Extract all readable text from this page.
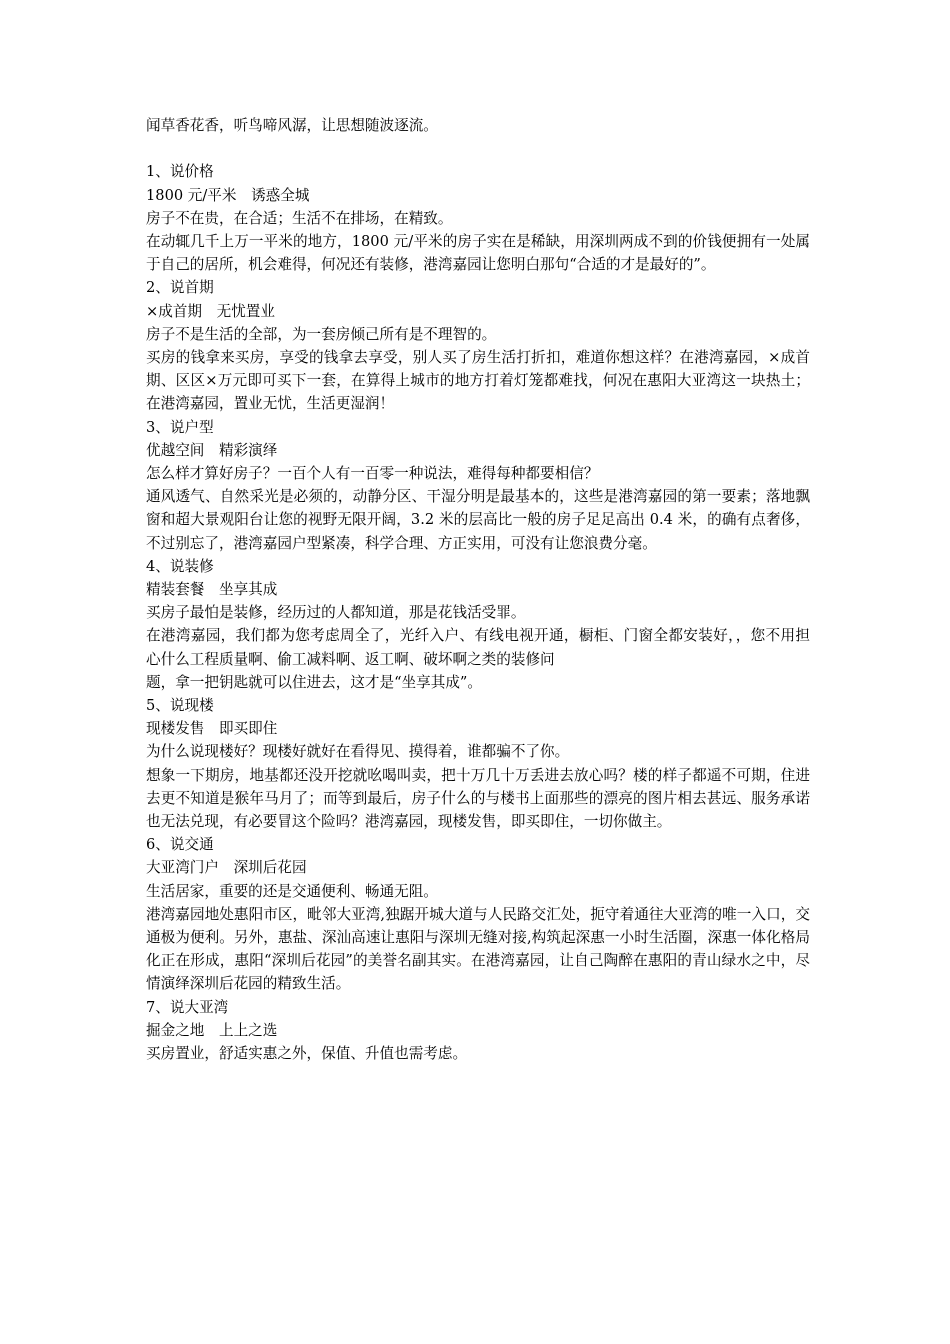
闻草香花香，听鸟啼风潺，让思想随波逐流。
1、说价格
1800 元/平米　诱惑全城
房子不在贵，在合适；生活不在排场，在精致。
在动辄几千上万一平米的地方，1800 元/平米的房子实在是稀缺，用深圳两成不到的价钱便拥有一处属于自己的居所，机会难得，何况还有装修，港湾嘉园让您明白那句“合适的才是最好的”。
2、说首期
×成首期　无忧置业
房子不是生活的全部，为一套房倾己所有是不理智的。
买房的钱拿来买房，享受的钱拿去享受，别人买了房生活打折扣，难道你想这样？在港湾嘉园，×成首期、区区×万元即可买下一套，在算得上城市的地方打着灯笼都难找，何况在惠阳大亚湾这一块热土；在港湾嘉园，置业无忧，生活更湿润！
3、说户型
优越空间　精彩演绎
怎么样才算好房子？一百个人有一百零一种说法，难得每种都要相信？
通风透气、自然采光是必须的，动静分区、干湿分明是最基本的，这些是港湾嘉园的第一要素；落地飘窗和超大景观阳台让您的视野无限开阔，3.2 米的层高比一般的房子足足高出 0.4 米，的确有点奢侈，不过别忘了，港湾嘉园户型紧凑，科学合理、方正实用，可没有让您浪费分毫。
4、说装修
精装套餐　坐享其成
买房子最怕是装修，经历过的人都知道，那是花钱活受罪。
在港湾嘉园，我们都为您考虑周全了，光纤入户、有线电视开通，橱柜、门窗全都安装好，，您不用担心什么工程质量啊、偷工减料啊、返工啊、破坏啊之类的装修问
题，拿一把钥匙就可以住进去，这才是“坐享其成”。
5、说现楼
现楼发售　即买即住
为什么说现楼好？现楼好就好在看得见、摸得着，谁都骗不了你。
想象一下期房，地基都还没开挖就吆喝叫卖，把十万几十万丢进去放心吗？楼的样子都遥不可期，住进去更不知道是猴年马月了；而等到最后，房子什么的与楼书上面那些的漂亮的图片相去甚远、服务承诺也无法兑现，有必要冒这个险吗？港湾嘉园，现楼发售，即买即住，一切你做主。
6、说交通
大亚湾门户　深圳后花园
生活居家，重要的还是交通便利、畅通无阻。
港湾嘉园地处惠阳市区，毗邻大亚湾,独踞开城大道与人民路交汇处，扼守着通往大亚湾的唯一入口，交通极为便利。另外，惠盐、深汕高速让惠阳与深圳无缝对接,构筑起深惠一小时生活圈，深惠一体化格局化正在形成，惠阳“深圳后花园”的美誉名副其实。在港湾嘉园，让自己陶醉在惠阳的青山绿水之中，尽情演绎深圳后花园的精致生活。
7、说大亚湾
掘金之地　上上之选
买房置业，舒适实惠之外，保值、升值也需考虑。
